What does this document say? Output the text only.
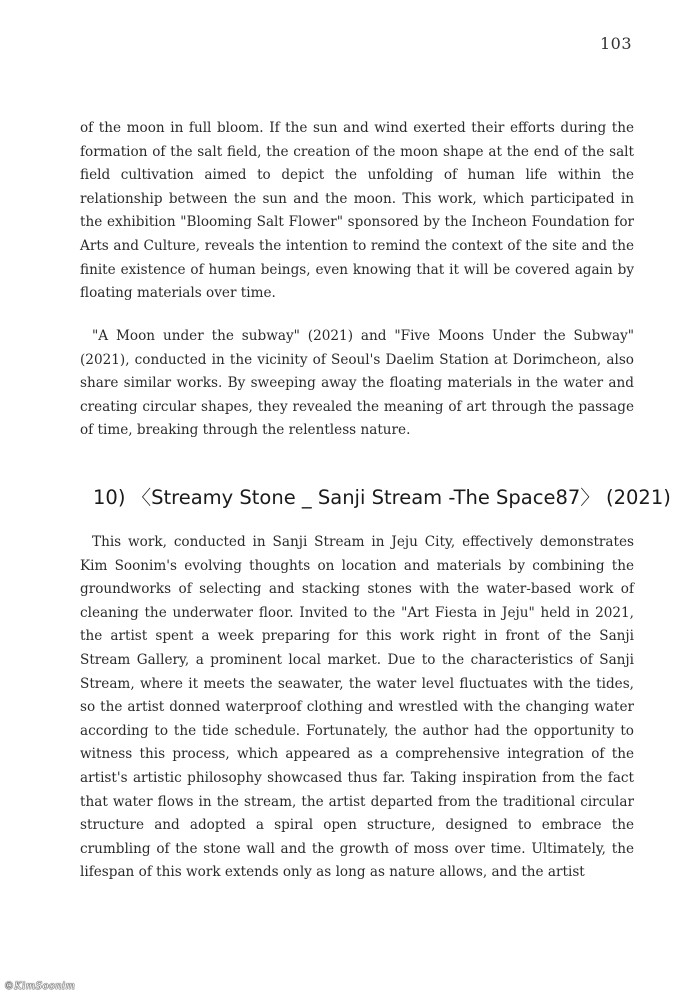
103

of the moon in full bloom. If the sun and wind exerted their efforts during the formation of the salt field, the creation of the moon shape at the end of the salt field cultivation aimed to depict the unfolding of human life within the relationship between the sun and the moon. This work, which participated in the exhibition "Blooming Salt Flower" sponsored by the Incheon Foundation for Arts and Culture, reveals the intention to remind the context of the site and the finite existence of human beings, even knowing that it will be covered again by floating materials over time.

"A Moon under the subway" (2021) and "Five Moons Under the Subway" (2021), conducted in the vicinity of Seoul's Daelim Station at Dorimcheon, also share similar works. By sweeping away the floating materials in the water and creating circular shapes, they revealed the meaning of art through the passage of time, breaking through the relentless nature.

10) 〈Streamy Stone _ Sanji Stream -The Space87〉 (2021)

This work, conducted in Sanji Stream in Jeju City, effectively demonstrates Kim Soonim's evolving thoughts on location and materials by combining the groundworks of selecting and stacking stones with the water-based work of cleaning the underwater floor. Invited to the "Art Fiesta in Jeju" held in 2021, the artist spent a week preparing for this work right in front of the Sanji Stream Gallery, a prominent local market. Due to the characteristics of Sanji Stream, where it meets the seawater, the water level fluctuates with the tides, so the artist donned waterproof clothing and wrestled with the changing water according to the tide schedule. Fortunately, the author had the opportunity to witness this process, which appeared as a comprehensive integration of the artist's artistic philosophy showcased thus far. Taking inspiration from the fact that water flows in the stream, the artist departed from the traditional circular structure and adopted a spiral open structure, designed to embrace the crumbling of the stone wall and the growth of moss over time. Ultimately, the lifespan of this work extends only as long as nature allows, and the artist

©KimSoonim
